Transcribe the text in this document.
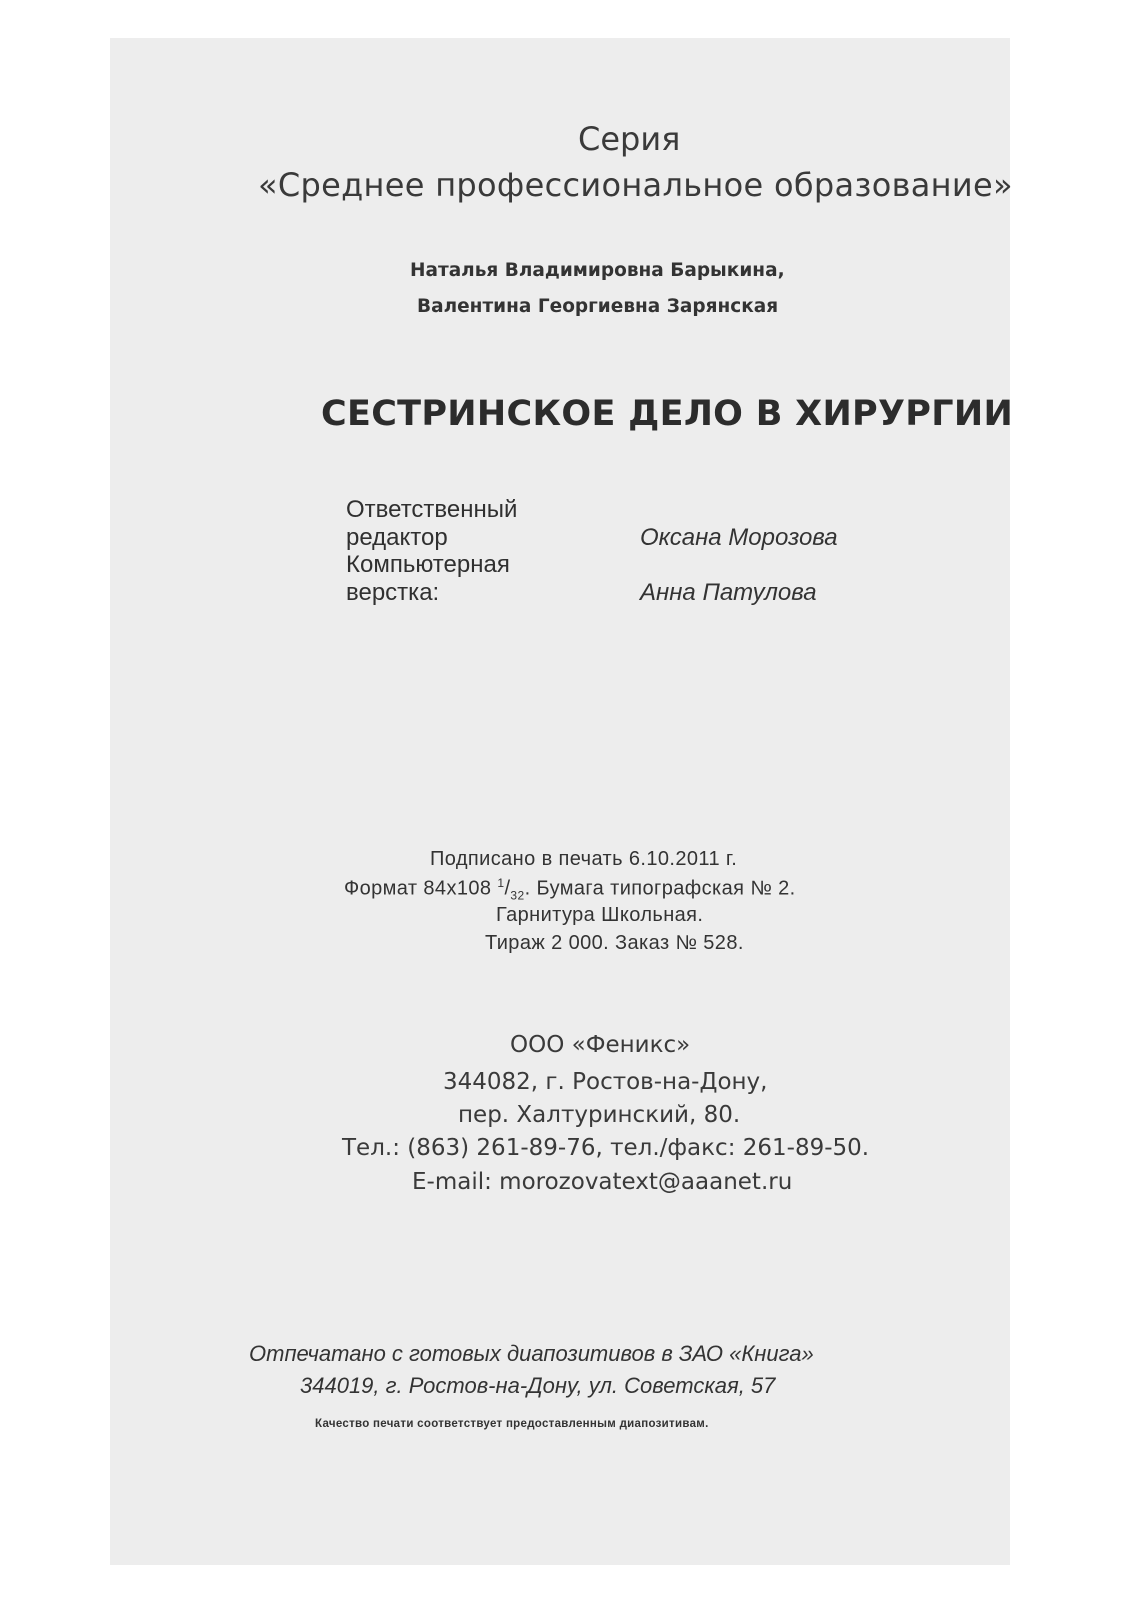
Серия
«Среднее профессиональное образование»
Наталья Владимировна Барыкина,
Валентина Георгиевна Зарянская
СЕСТРИНСКОЕ ДЕЛО В ХИРУРГИИ
Ответственный
редактор	Оксана Морозова
Компьютерная
верстка:	Анна Патулова
Подписано в печать 6.10.2011 г.
Формат 84х108 $^1/_{32}$. Бумага типографская № 2.
Гарнитура Школьная.
Тираж 2 000. Заказ № 528.
ООО «Феникс»
344082, г. Ростов-на-Дону,
пер. Халтуринский, 80.
Тел.: (863) 261-89-76, тел./факс: 261-89-50.
E-mail: morozovatext@aaanet.ru
Отпечатано с готовых диапозитивов в ЗАО «Книга»
344019, г. Ростов-на-Дону, ул. Советская, 57
Качество печати соответствует предоставленным диапозитивам.
